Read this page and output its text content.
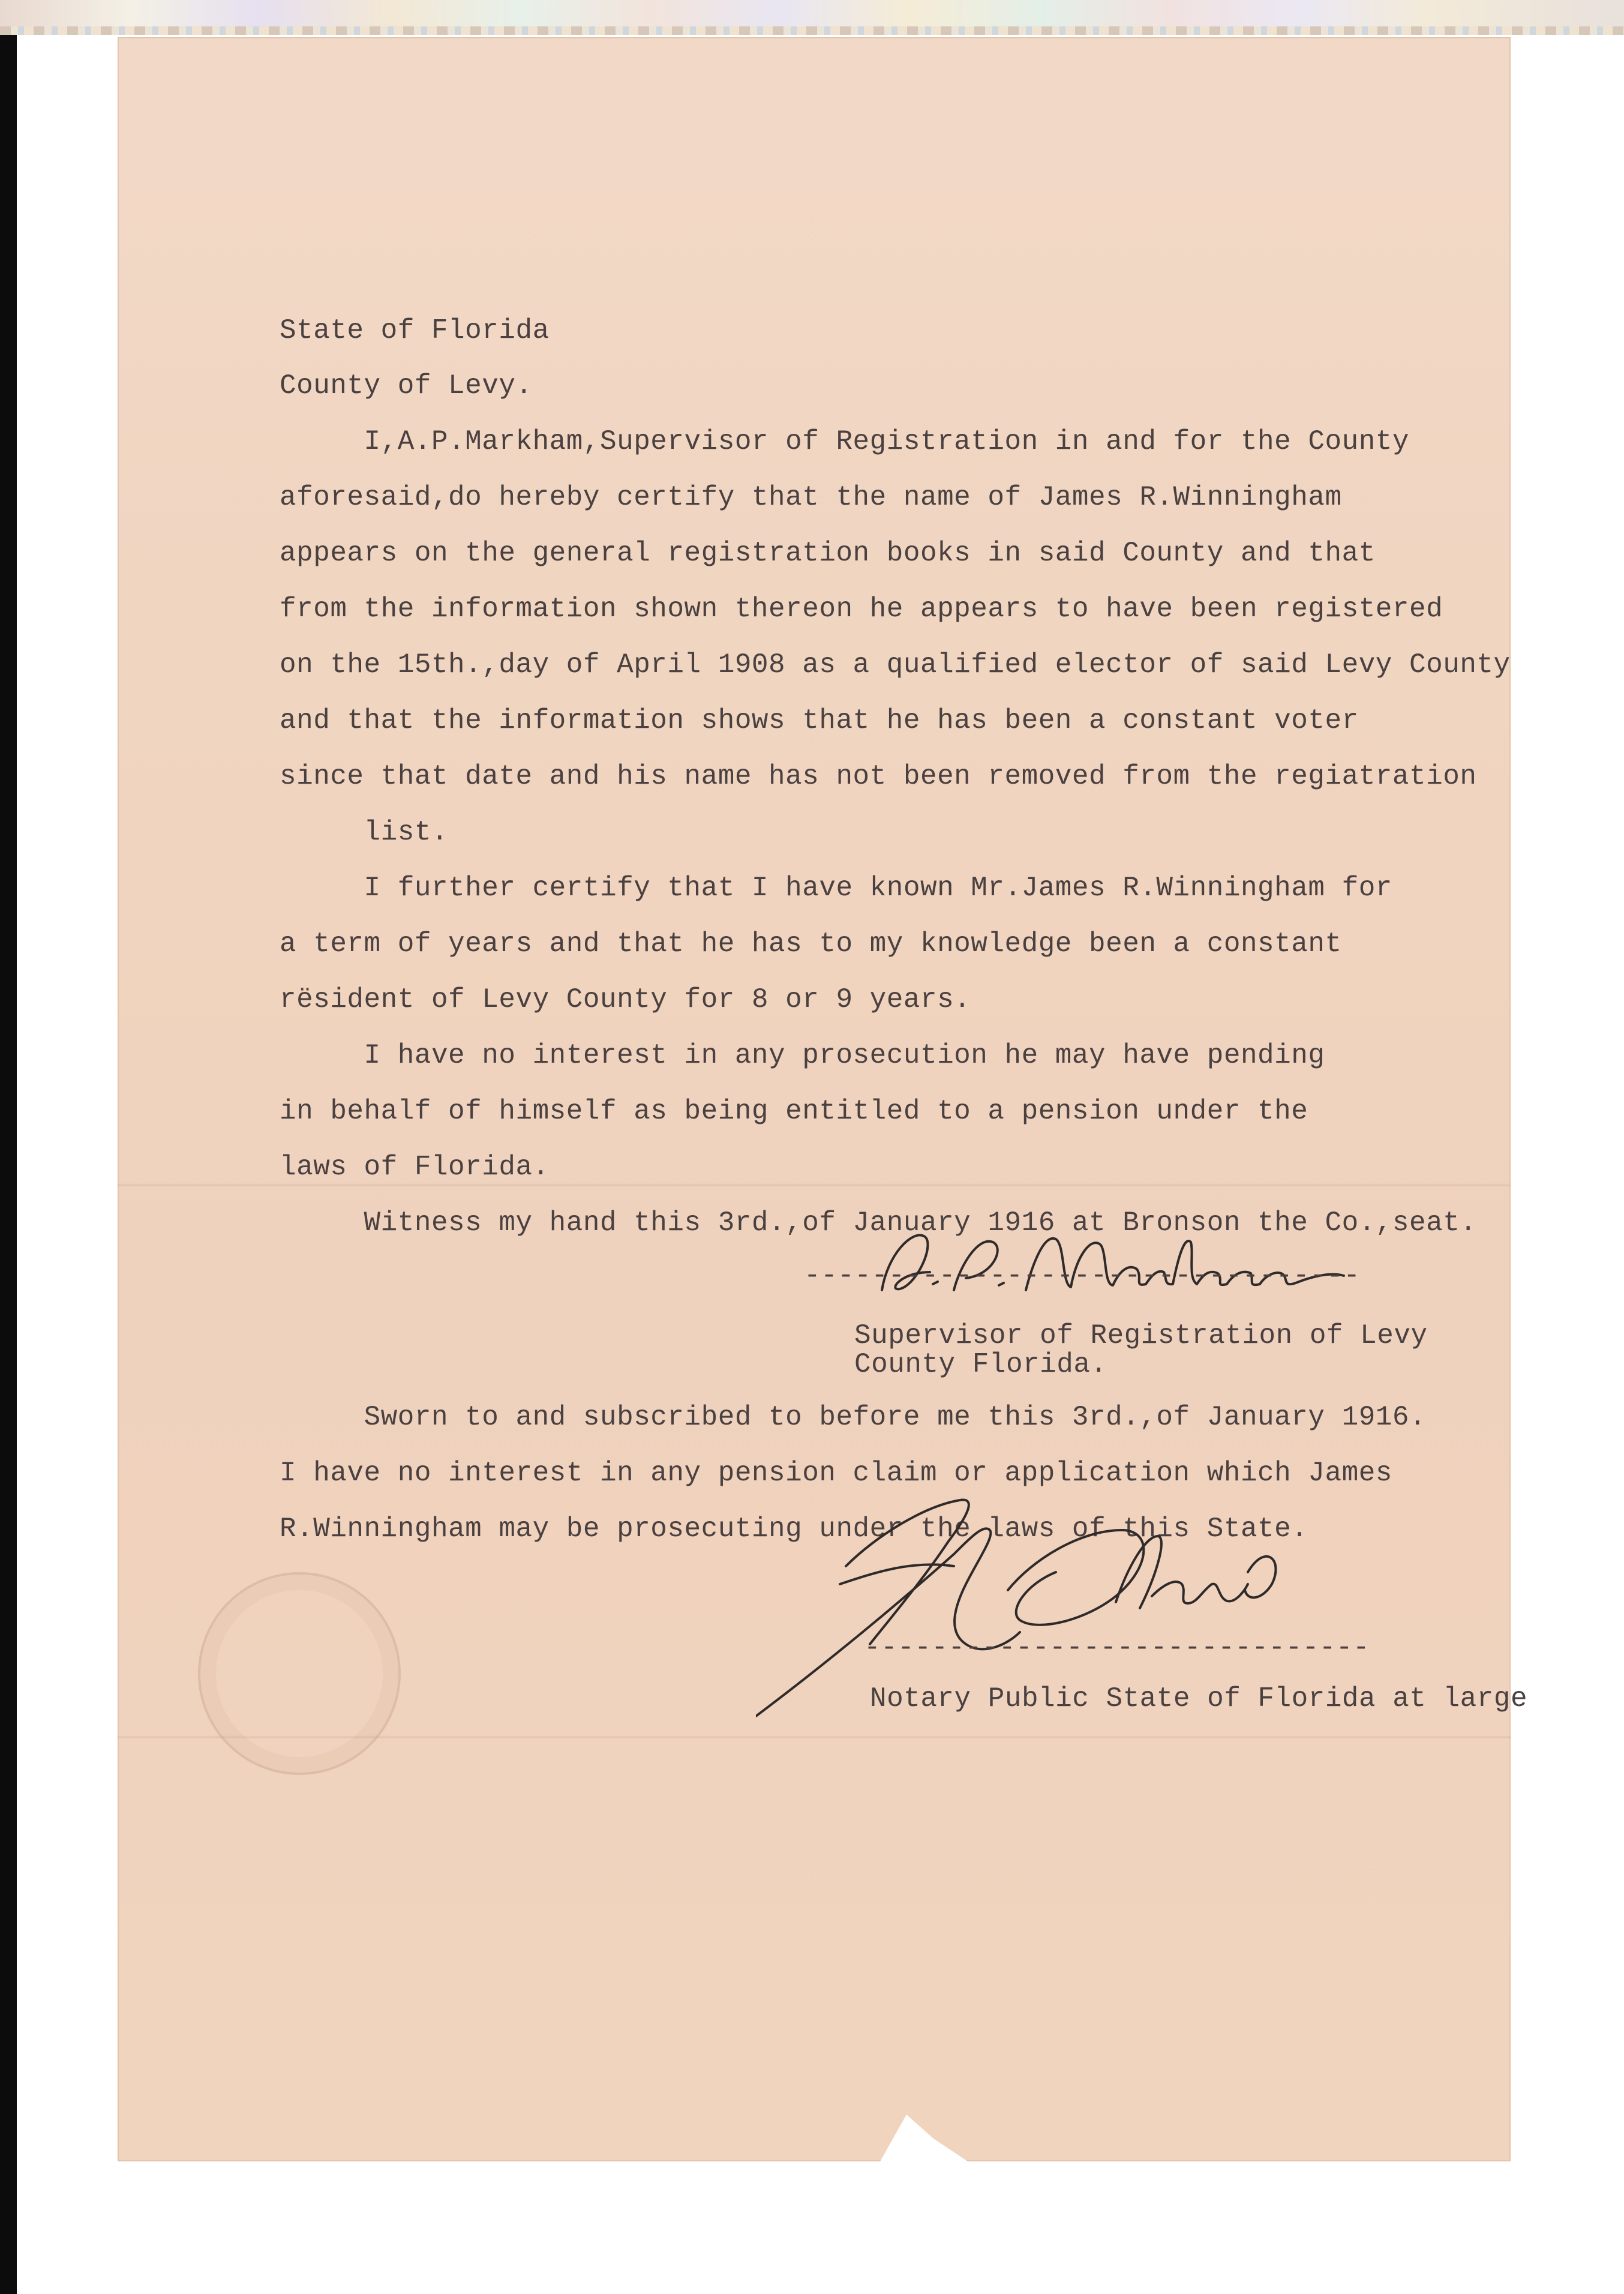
State of Florida
County of Levy.
I,A.P.Markham,Supervisor of Registration in and for the County
aforesaid,do hereby certify that the name of James R.Winningham
appears on the general registration books in said County and that
from the information shown thereon he appears to have been registered
on the 15th.,day of April 1908 as a qualified elector of said Levy County
and that the information shows that he has been a constant voter
since that date and his name has not been removed from the regiatration
list.
I further certify that I have known Mr.James R.Winningham for
a term of years and that he has to my knowledge been a constant
rësident of Levy County for 8 or 9 years.
I have no interest in any prosecution he may have pending
in behalf of himself as being entitled to a pension under the
laws of Florida.
Witness my hand this 3rd.,of January 1916 at Bronson the Co.,seat.
---------------------------------
Supervisor of Registration of Levy
County Florida.
Sworn to and subscribed to before me this 3rd.,of January 1916.
I have no interest in any pension claim or application which James
R.Winningham may be prosecuting under the laws of this State.
------------------------------
Notary Public State of Florida at large
